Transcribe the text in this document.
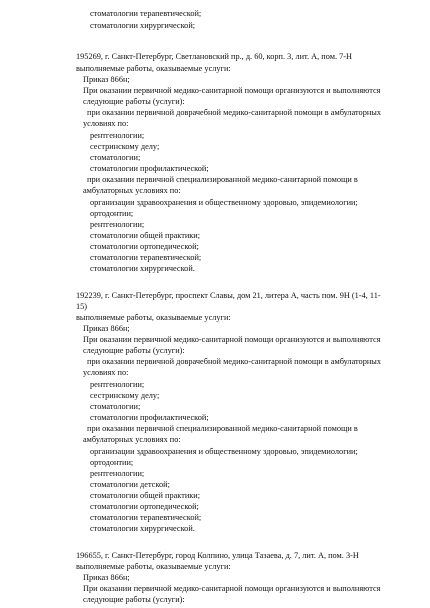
стоматологии терапевтической;
стоматологии хирургической;
195269, г. Санкт-Петербург, Светлановский пр., д. 60, корп. 3, лит. А, пом. 7-Н
выполняемые работы, оказываемые услуги:
Приказ 866н;
При оказании первичной медико-санитарной помощи организуются и выполняются
следующие работы (услуги):
при оказании первичной доврачебной медико-санитарной помощи в амбулаторных
условиях по:
рентгенологии;
сестринскому делу;
стоматологии;
стоматологии профилактической;
при оказании первичной специализированной медико-санитарной помощи в
амбулаторных условиях по:
организации здравоохранения и общественному здоровью, эпидемиологии;
ортодонтии;
рентгенологии;
стоматологии общей практики;
стоматологии ортопедической;
стоматологии терапевтической;
стоматологии хирургической.
192239, г. Санкт-Петербург, проспект Славы, дом 21, литера А, часть пом. 9Н (1-4, 11-
15)
выполняемые работы, оказываемые услуги:
Приказ 866н;
При оказании первичной медико-санитарной помощи организуются и выполняются
следующие работы (услуги):
при оказании первичной доврачебной медико-санитарной помощи в амбулаторных
условиях по:
рентгенологии;
сестринскому делу;
стоматологии;
стоматологии профилактической;
при оказании первичной специализированной медико-санитарной помощи в
амбулаторных условиях по:
организации здравоохранения и общественному здоровью, эпидемиологии;
ортодонтии;
рентгенологии;
стоматологии детской;
стоматологии общей практики;
стоматологии ортопедической;
стоматологии терапевтической;
стоматологии хирургической.
196655, г. Санкт-Петербург, город Колпино, улица Тазаева, д. 7, лит. А, пом. 3-Н
выполняемые работы, оказываемые услуги:
Приказ 866н;
При оказании первичной медико-санитарной помощи организуются и выполняются
следующие работы (услуги):
